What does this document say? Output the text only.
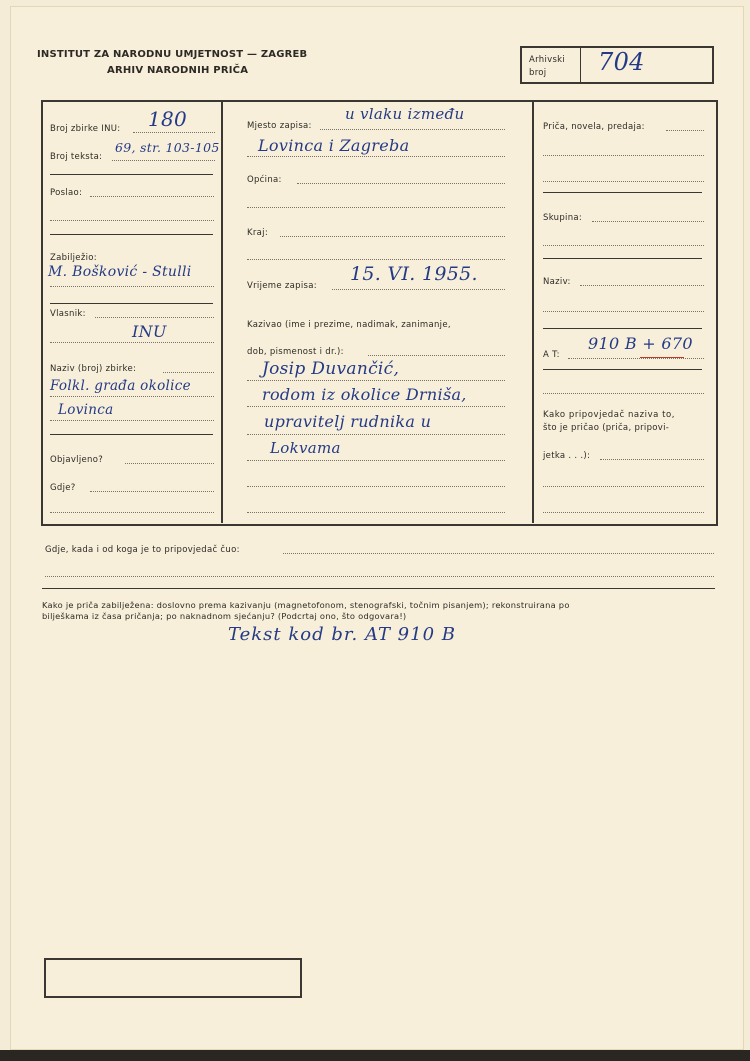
INSTITUT ZA NARODNU UMJETNOST — ZAGREB
ARHIV NARODNIH PRIČA
Arhivski
broj 704
Broj zbirke INU: 180
Broj teksta:
69, str. 103-105
Poslao:
Zabilježio:
M. Bošković - Stulli
Vlasnik:
INU
Naziv (broj) zbirke:
Folkl. građa okolice
Lovinca
Objavljeno?
Gdje?
Mjesto zapisa:
u vlaku između
Lovinca i Zagreba
Općina:
Kraj:
Vrijeme zapisa:
15. VI. 1955.
Kazivao (ime i prezime, nadimak, zanimanje,
dob, pismenost i dr.):
Josip Duvančić,
rodom iz okolice Drniša,
upravitelj rudnika u
Lokvama
Priča, novela, predaja:
Skupina:
Naziv:
A T:
910 B + 670
Kako pripovjedač naziva to,
što je pričao (priča, pripovi-
jetka . . .):
Gdje, kada i od koga je to pripovjedač čuo:
Kako je priča zabilježena: doslovno prema kazivanju (magnetofonom, stenografski, točnim pisanjem); rekonstruirana po
bilješkama iz časa pričanja; po naknadnom sjećanju? (Podcrtaj ono, što odgovara!)
Tekst kod br. AT 910 B
